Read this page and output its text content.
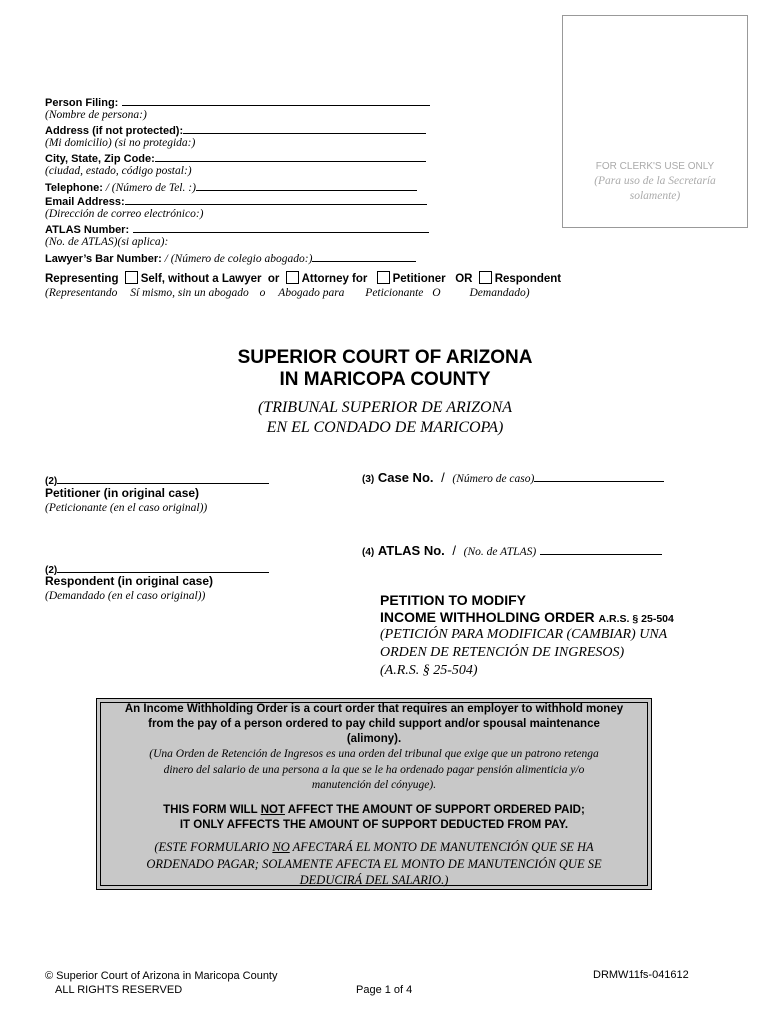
FOR CLERK'S USE ONLY
(Para uso de la Secretaría
solamente)
Person Filing:
(Nombre de persona:)
Address (if not protected):
(Mi domicilio) (si no protegida:)
City, State, Zip Code:
(ciudad, estado, código postal:)
Telephone: / (Número de Tel. :)
Email Address:
(Dirección de correo electrónico:)
ATLAS Number:
(No. de ATLAS)(si aplica):
Lawyer’s Bar Number: / (Número de colegio abogado:)
Representing Self, without a Lawyer or Attorney for Petitioner OR Respondent
(Representando Sí mismo, sin un abogado o Abogado para Peticionante O	Demandado)
SUPERIOR COURT OF ARIZONA
IN MARICOPA COUNTY
(TRIBUNAL SUPERIOR DE ARIZONA
EN EL CONDADO DE MARICOPA)
(2)
Petitioner (in original case)
(Peticionante (en el caso original))
(2)
Respondent (in original case)
(Demandado (en el caso original))
(3) Case No. / (Número de caso)
(4) ATLAS No. / (No. de ATLAS)
PETITION TO MODIFY
INCOME WITHHOLDING ORDER A.R.S. § 25-504
(PETICIÓN PARA MODIFICAR (CAMBIAR) UNA
ORDEN DE RETENCIÓN DE INGRESOS)
(A.R.S. § 25-504)
An Income Withholding Order is a court order that requires an employer to withhold money
from the pay of a person ordered to pay child support and/or spousal maintenance
(alimony).
(Una Orden de Retención de Ingresos es una orden del tribunal que exige que un patrono retenga
dinero del salario de una persona a la que se le ha ordenado pagar pensión alimenticia y/o
manutención del cónyuge).
THIS FORM WILL NOT AFFECT THE AMOUNT OF SUPPORT ORDERED PAID;
IT ONLY AFFECTS THE AMOUNT OF SUPPORT DEDUCTED FROM PAY.
(ESTE FORMULARIO NO AFECTARÁ EL MONTO DE MANUTENCIÓN QUE SE HA
ORDENADO PAGAR; SOLAMENTE AFECTA EL MONTO DE MANUTENCIÓN QUE SE
DEDUCIRÁ DEL SALARIO.)
© Superior Court of Arizona in Maricopa County
ALL RIGHTS RESERVED	Page 1 of 4
DRMW11fs-041612
